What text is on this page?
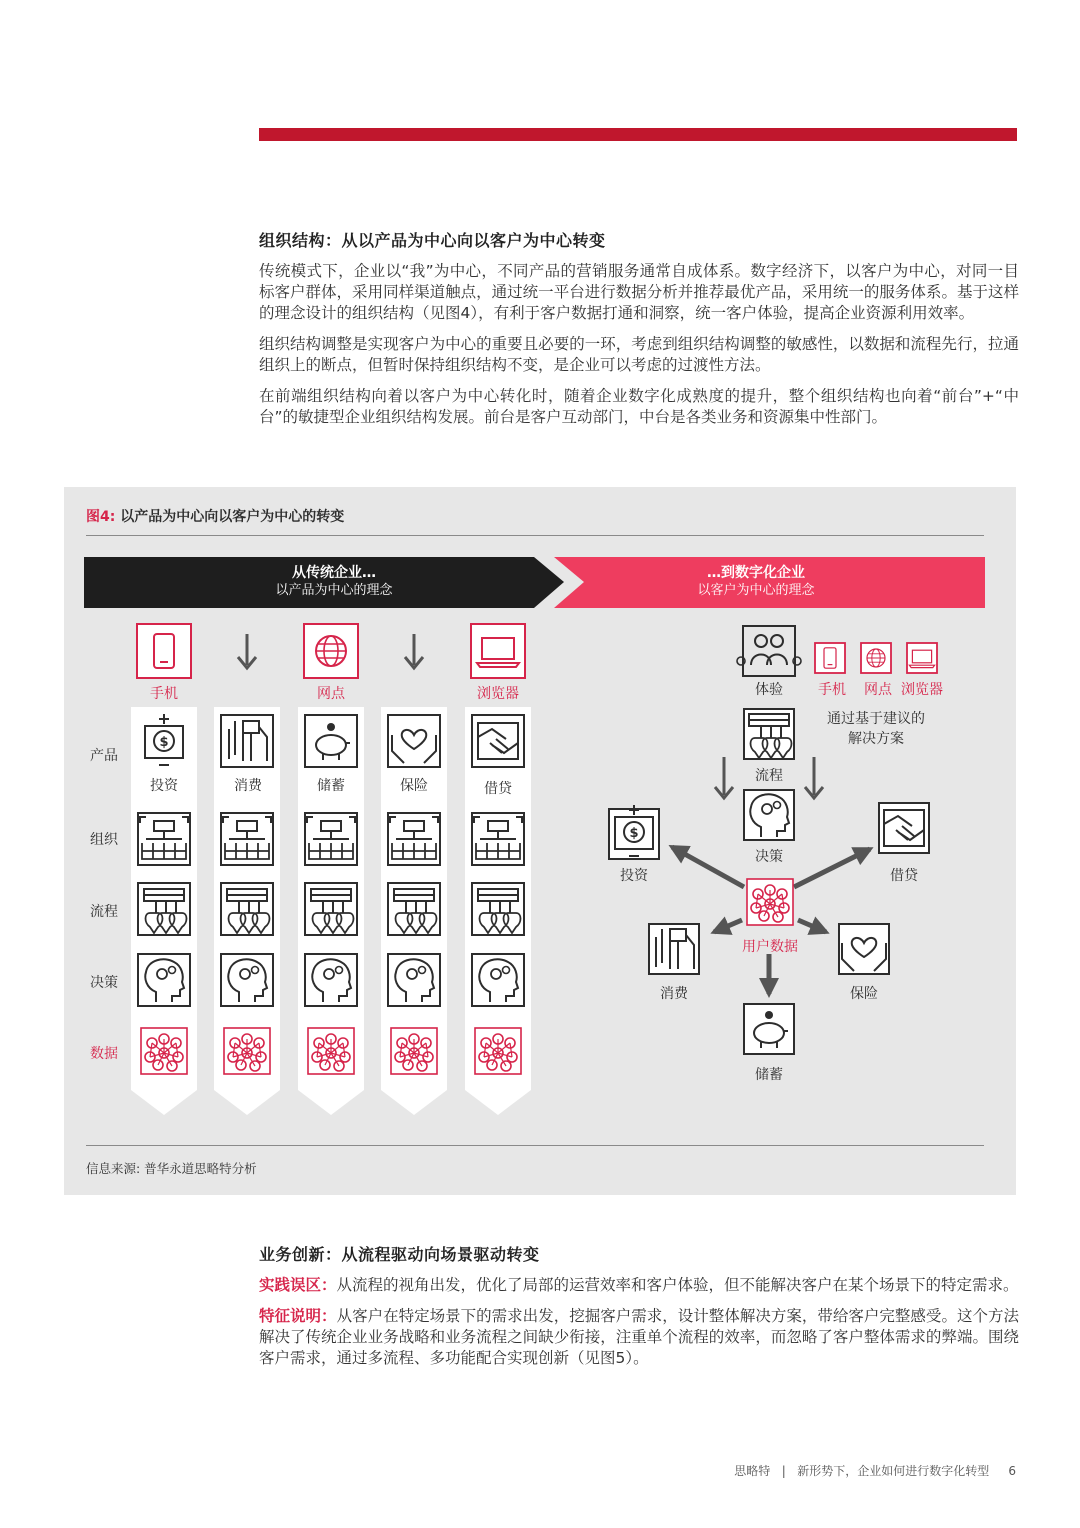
组织结构：从以产品为中心向以客户为中心转变
传统模式下，企业以“我”为中心，不同产品的营销服务通常自成体系。数字经济下，以客户为中心，对同一目标客户群体，采用同样渠道触点，通过统一平台进行数据分析并推荐最优产品，采用统一的服务体系。基于这样的理念设计的组织结构（见图4），有利于客户数据打通和洞察，统一客户体验，提高企业资源利用效率。
组织结构调整是实现客户为中心的重要且必要的一环，考虑到组织结构调整的敏感性，以数据和流程先行，拉通组织上的断点，但暂时保持组织结构不变，是企业可以考虑的过渡性方法。
在前端组织结构向着以客户为中心转化时，随着企业数字化成熟度的提升，整个组织结构也向着“前台”+“中台”的敏捷型企业组织结构发展。前台是客户互动部门，中台是各类业务和资源集中性部门。
图4: 以产品为中心向以客户为中心的转变
$
从传统企业…
以产品为中心的理念
…到数字化企业
以客户为中心的理念
手机	网点	浏览器
产品
组织
流程
决策
数据
投资	消费	储蓄	保险	借贷
体验	手机	网点 浏览器
通过基于建议的解决方案
流程
决策
用户数据
投资	借贷
消费	保险
储蓄
信息来源: 普华永道思略特分析
业务创新：从流程驱动向场景驱动转变
实践误区：从流程的视角出发，优化了局部的运营效率和客户体验，但不能解决客户在某个场景下的特定需求。
特征说明：从客户在特定场景下的需求出发，挖掘客户需求，设计整体解决方案，带给客户完整感受。这个方法解决了传统企业业务战略和业务流程之间缺少衔接，注重单个流程的效率，而忽略了客户整体需求的弊端。围绕客户需求，通过多流程、多功能配合实现创新（见图5）。
思略特 | 新形势下，企业如何进行数字化转型 6
